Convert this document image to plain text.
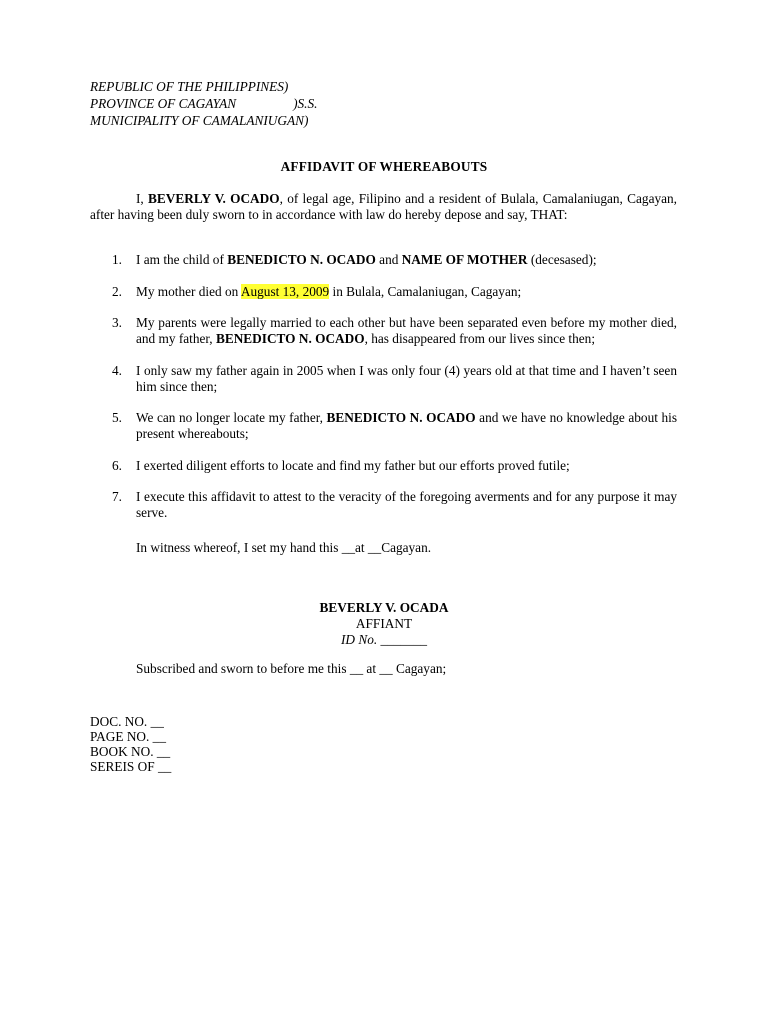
REPUBLIC OF THE PHILIPPINES)
PROVINCE OF CAGAYAN	)S.S.
MUNICIPALITY OF CAMALANIUGAN)
AFFIDAVIT OF WHEREABOUTS
I, BEVERLY V. OCADO, of legal age, Filipino and a resident of Bulala, Camalaniugan, Cagayan, after having been duly sworn to in accordance with law do hereby depose and say, THAT:
1. I am the child of BENEDICTO N. OCADO and NAME OF MOTHER (decesased);
2. My mother died on August 13, 2009 in Bulala, Camalaniugan, Cagayan;
3. My parents were legally married to each other but have been separated even before my mother died, and my father, BENEDICTO N. OCADO, has disappeared from our lives since then;
4. I only saw my father again in 2005 when I was only four (4) years old at that time and I haven’t seen him since then;
5. We can no longer locate my father, BENEDICTO N. OCADO and we have no knowledge about his present whereabouts;
6. I exerted diligent efforts to locate and find my father but our efforts proved futile;
7. I execute this affidavit to attest to the veracity of the foregoing averments and for any purpose it may serve.
In witness whereof, I set my hand this __at __Cagayan.
BEVERLY V. OCADA
AFFIANT
ID No. _______
Subscribed and sworn to before me this __ at __ Cagayan;
DOC. NO. __
PAGE NO. __
BOOK NO. __
SEREIS OF __
